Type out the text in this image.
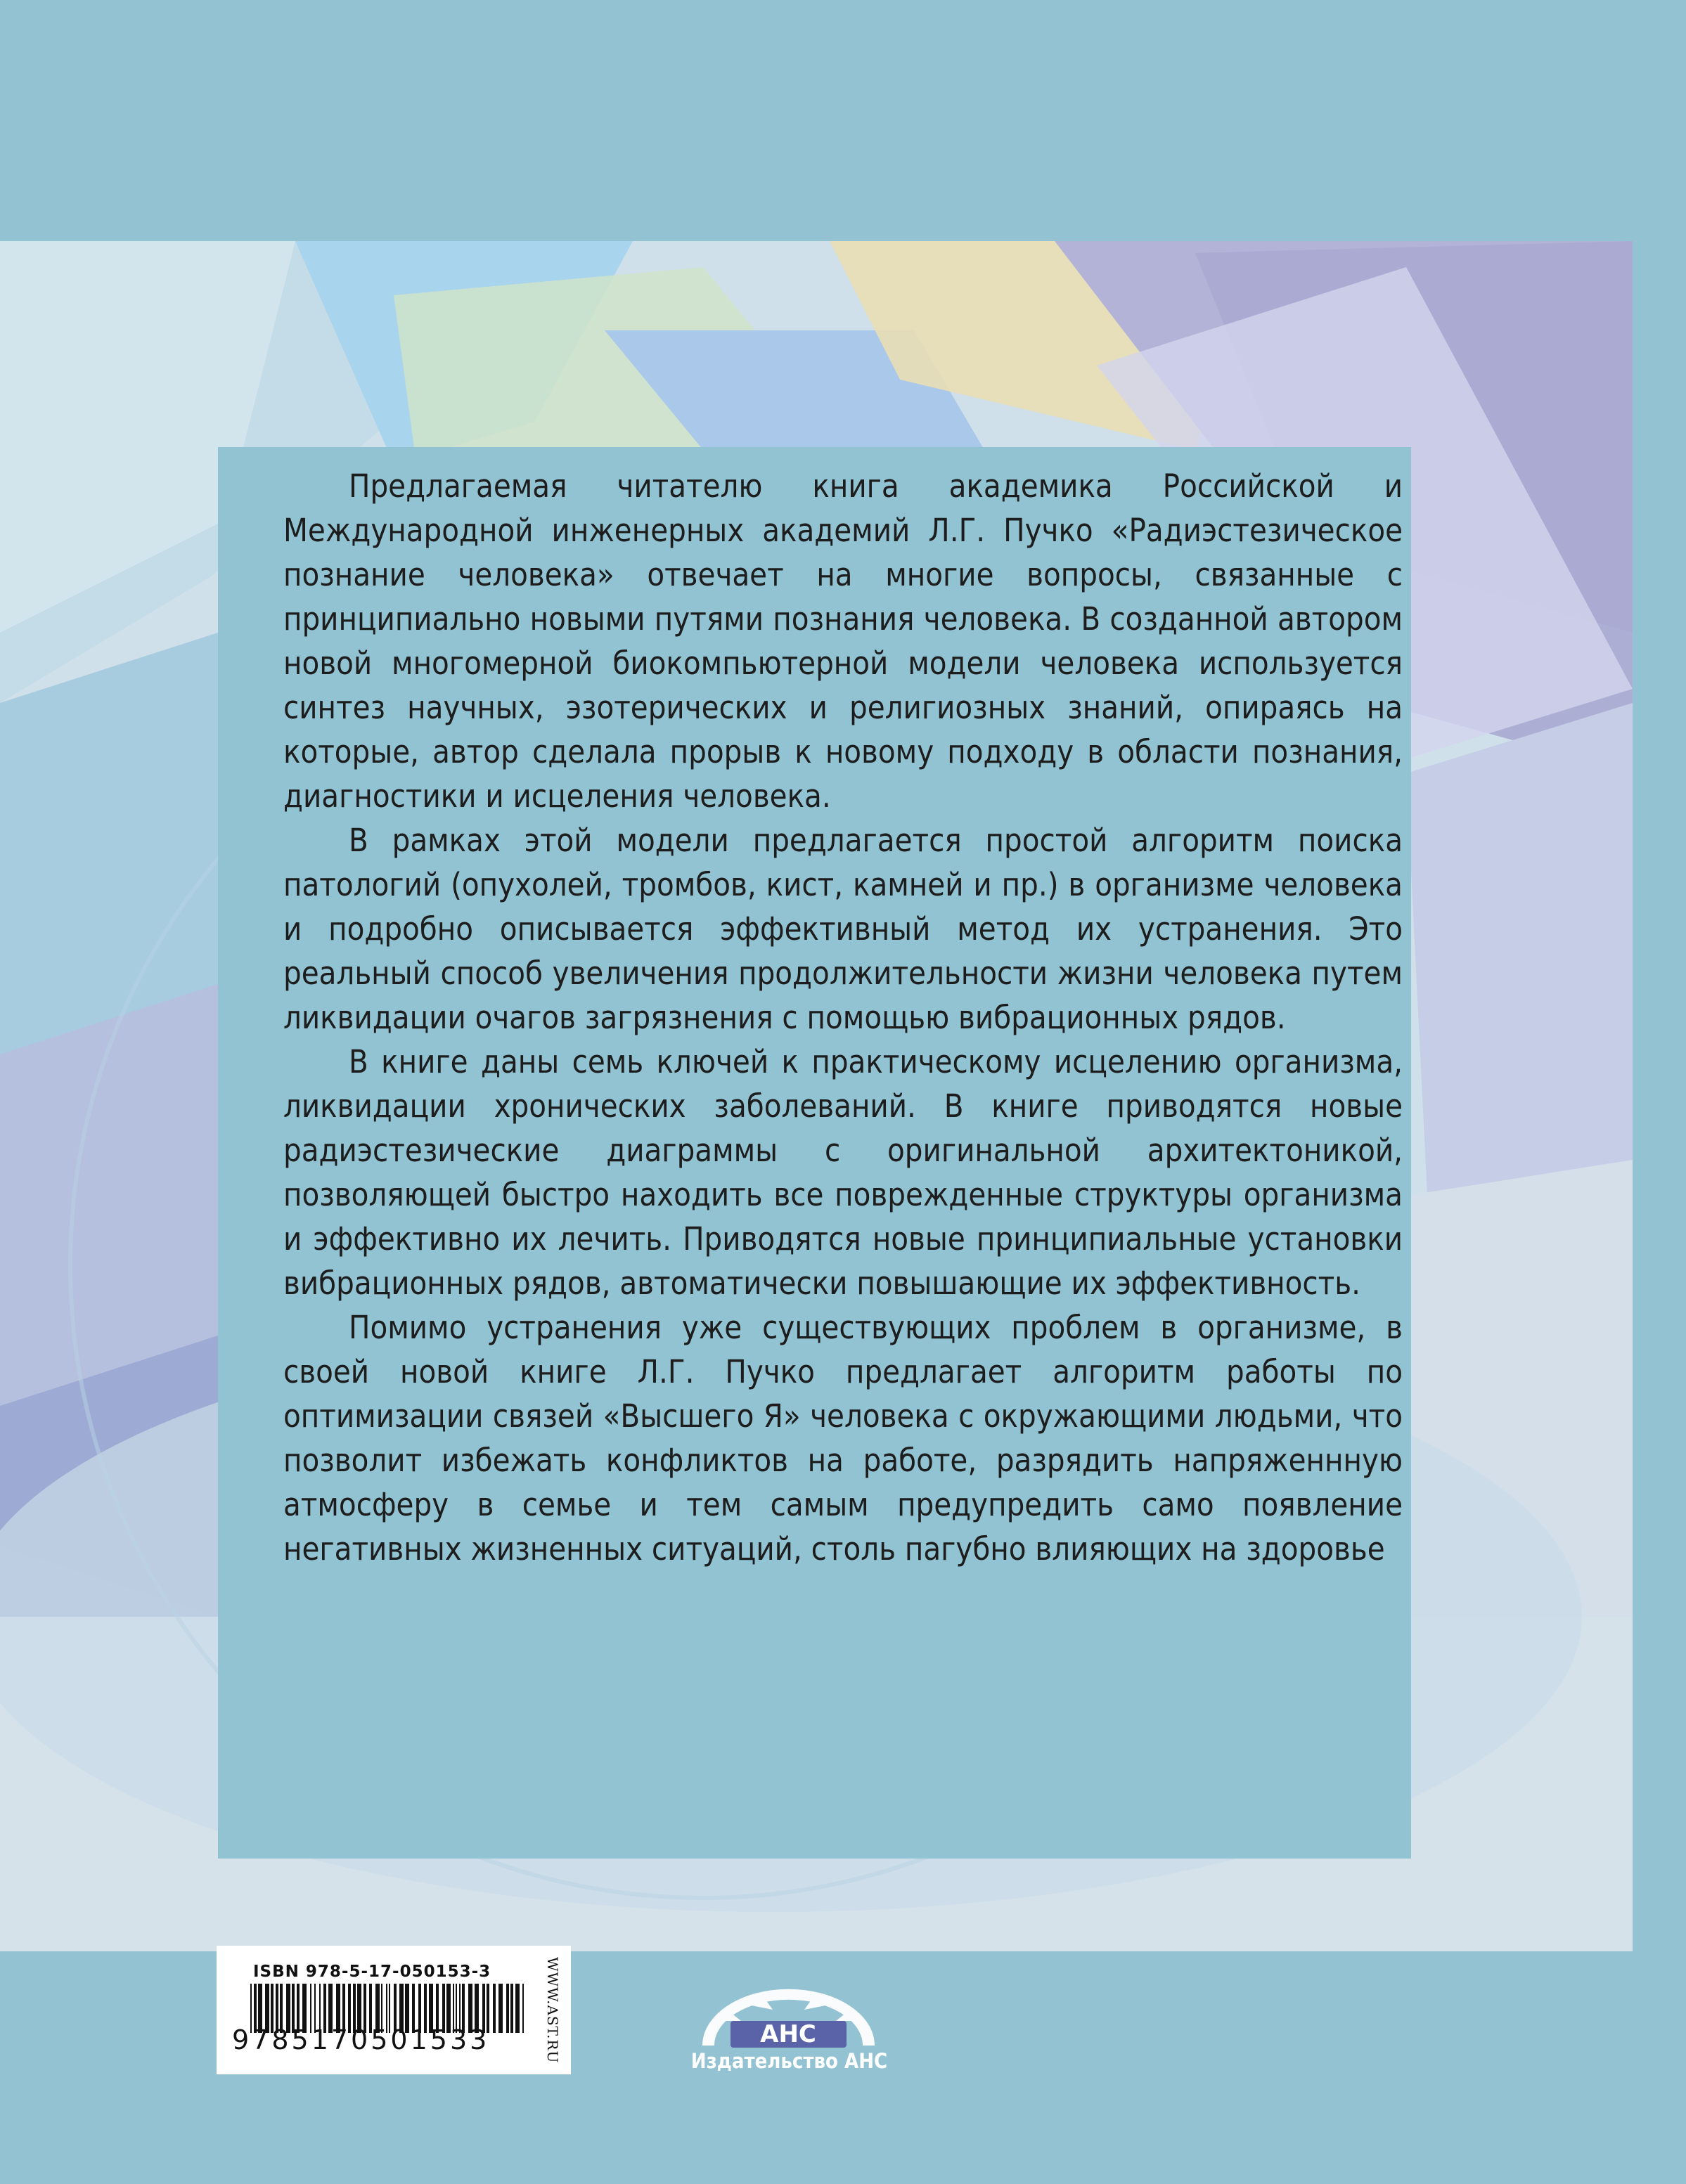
Предлагаемая читателю книга академика Российской и Международной инженерных академий Л.Г. Пучко «Радиэстезическое познание человека» отвечает на многие вопросы, связанные с принципиально новыми путями познания человека. В созданной автором новой многомерной биокомпьютерной модели человека используется синтез научных, эзотерических и религиозных знаний, опираясь на которые, автор сделала прорыв к новому подходу в области познания, диагностики и исцеления человека.

В рамках этой модели предлагается простой алгоритм поиска патологий (опухолей, тромбов, кист, камней и пр.) в организме человека и подробно описывается эффективный метод их устранения. Это реальный способ увеличения продолжительности жизни человека путем ликвидации очагов загрязнения с помощью вибрационных рядов.

В книге даны семь ключей к практическому исцелению организма, ликвидации хронических заболеваний. В книге приводятся новые радиэстезические диаграммы с оригинальной архитектоникой, позволяющей быстро находить все поврежденные структуры организма и эффективно их лечить. Приводятся новые принципиальные установки вибрационных рядов, автоматически повышающие их эффективность.

Помимо устранения уже существующих проблем в организме, в своей новой книге Л.Г. Пучко предлагает алгоритм работы по оптимизации связей «Высшего Я» человека с окружающими людьми, что позволит избежать конфликтов на работе, разрядить напряженнную атмосферу в семье и тем самым предупредить само появление негативных жизненных ситуаций, столь пагубно влияющих на здоровье

ISBN 978-5-17-050153-3
9785170501533	WWW.AST.RU	АНС
Издательство АНС
